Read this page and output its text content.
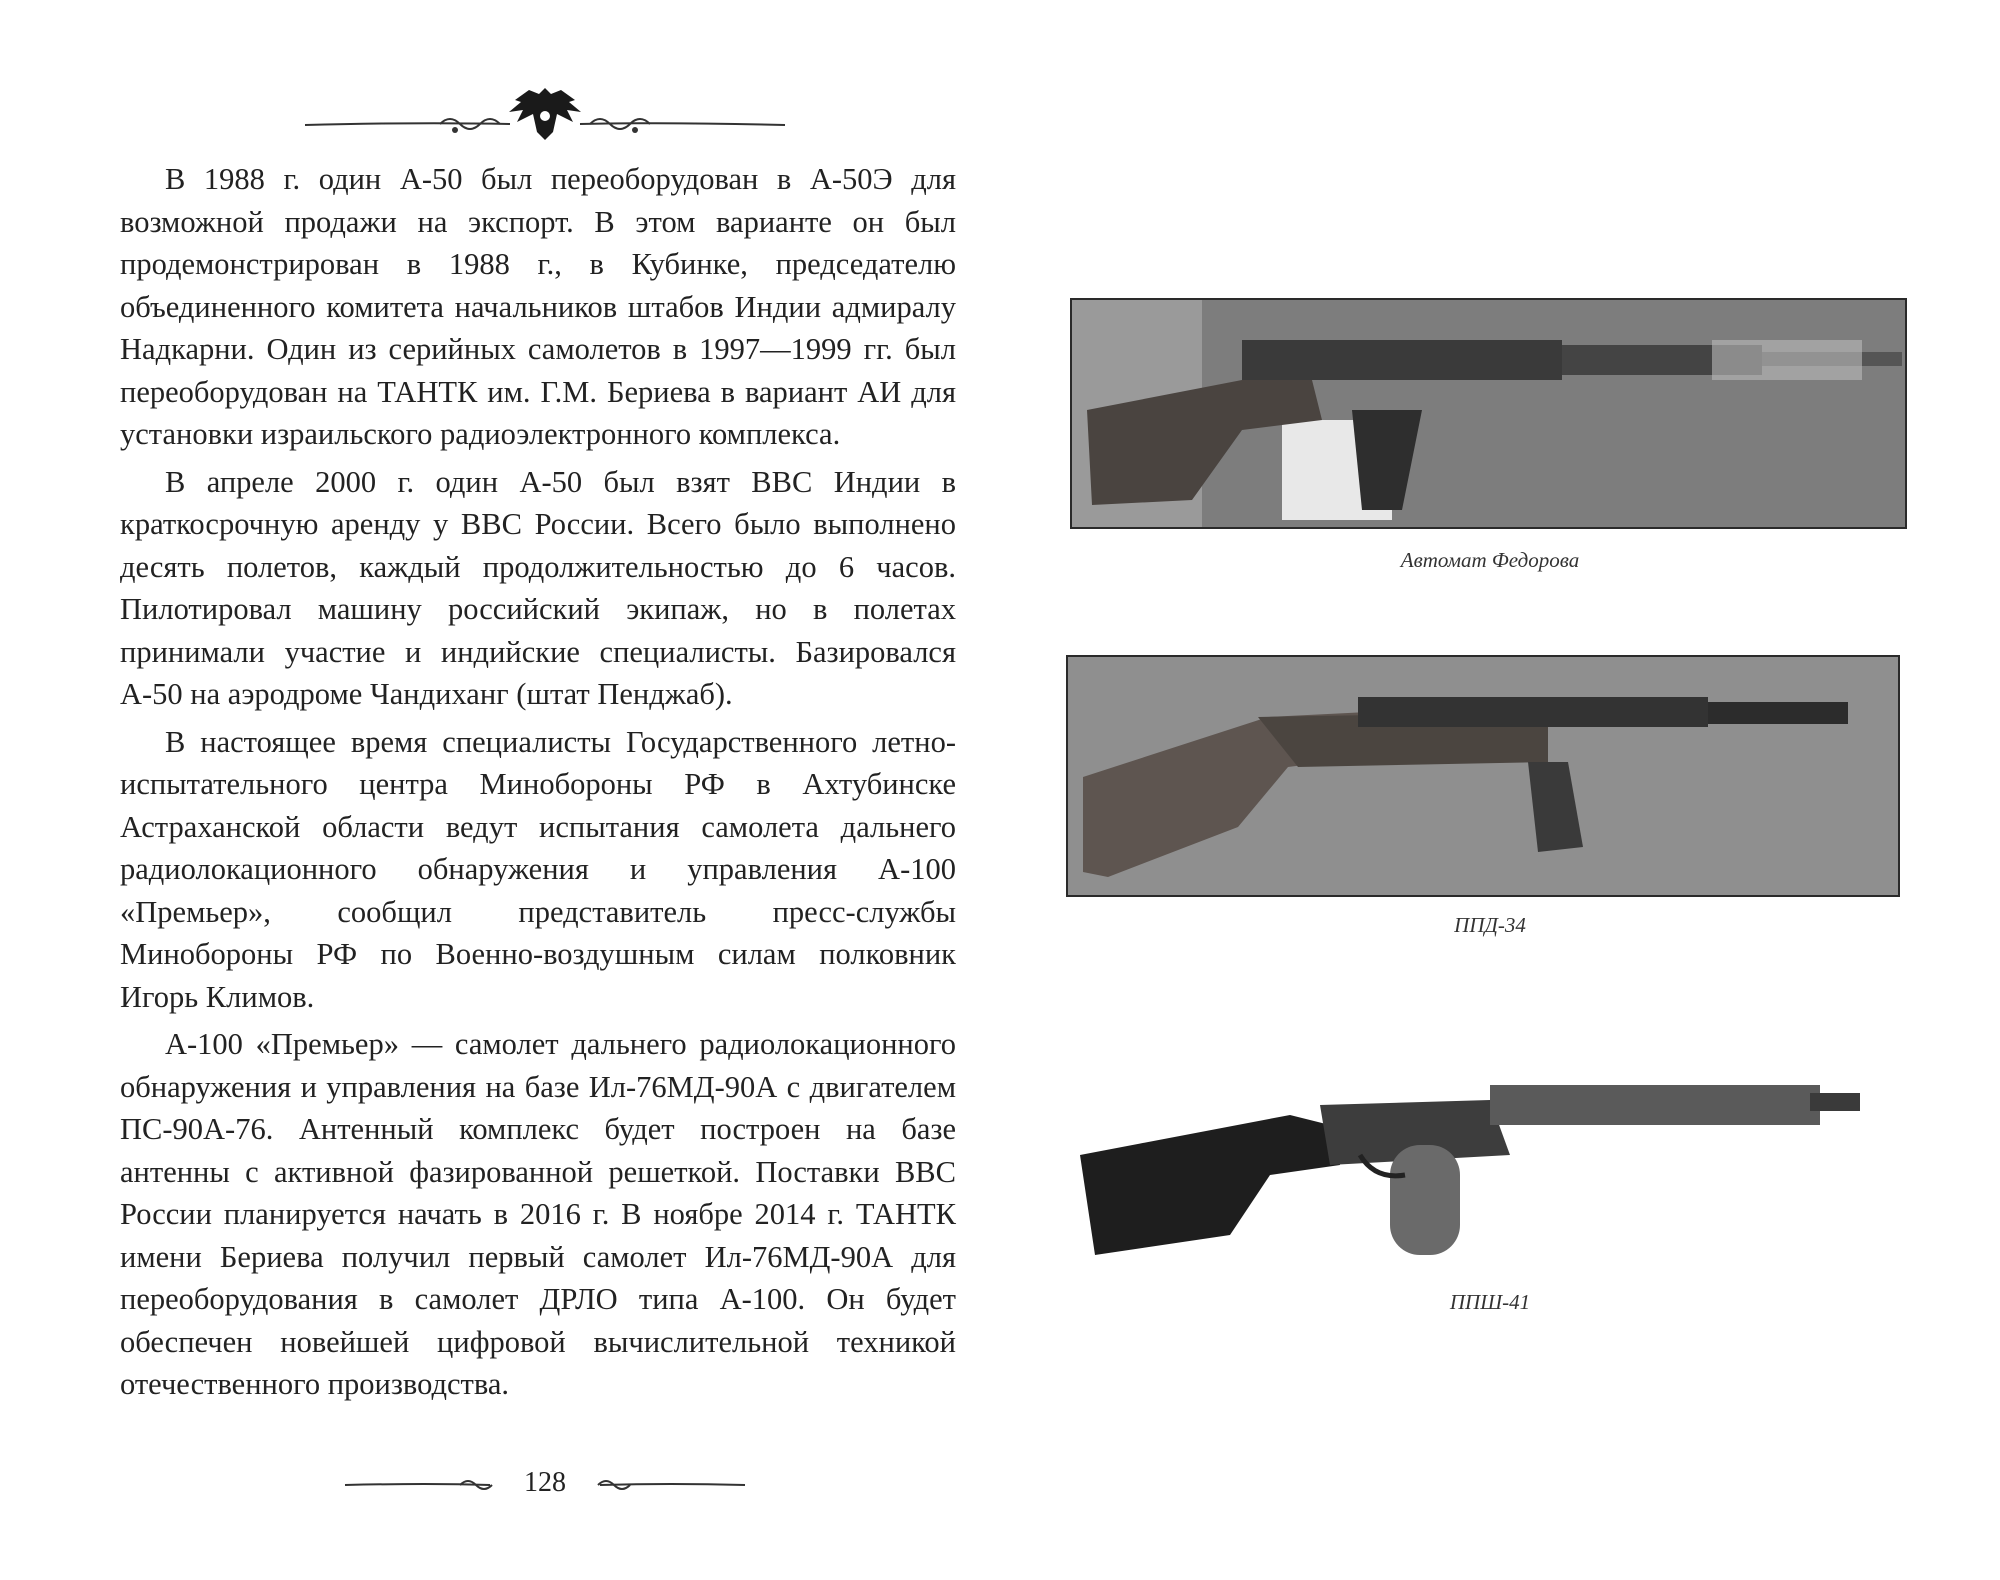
В 1988 г. один А-50 был переоборудован в А-50Э для возможной продажи на экспорт. В этом варианте он был продемонстрирован в 1988 г., в Кубинке, председателю объединенного комитета начальников штабов Индии адмиралу Надкарни. Один из серийных самолетов в 1997—1999 гг. был переоборудован на ТАНТК им. Г.М. Бериева в вариант АИ для установки израильского радиоэлектронного комплекса.

В апреле 2000 г. один А-50 был взят ВВС Индии в краткосрочную аренду у ВВС России. Всего было выполнено десять полетов, каждый продолжительностью до 6 часов. Пилотировал машину российский экипаж, но в полетах принимали участие и индийские специалисты. Базировался А-50 на аэродроме Чандиханг (штат Пенджаб).

В настоящее время специалисты Государственного летно-испытательного центра Минобороны РФ в Ахтубинске Астраханской области ведут испытания самолета дальнего радиолокационного обнаружения и управления А-100 «Премьер», сообщил представитель пресс-службы Минобороны РФ по Военно-воздушным силам полковник Игорь Климов.

А-100 «Премьер» — самолет дальнего радиолокационного обнаружения и управления на базе Ил-76МД-90А с двигателем ПС-90А-76. Антенный комплекс будет построен на базе антенны с активной фазированной решеткой. Поставки ВВС России планируется начать в 2016 г. В ноябре 2014 г. ТАНТК имени Бериева получил первый самолет Ил-76МД-90А для переоборудования в самолет ДРЛО типа А-100. Он будет обеспечен новейшей цифровой вычислительной техникой отечественного производства.

128
Автомат Федорова
ППД-34
ППШ-41
